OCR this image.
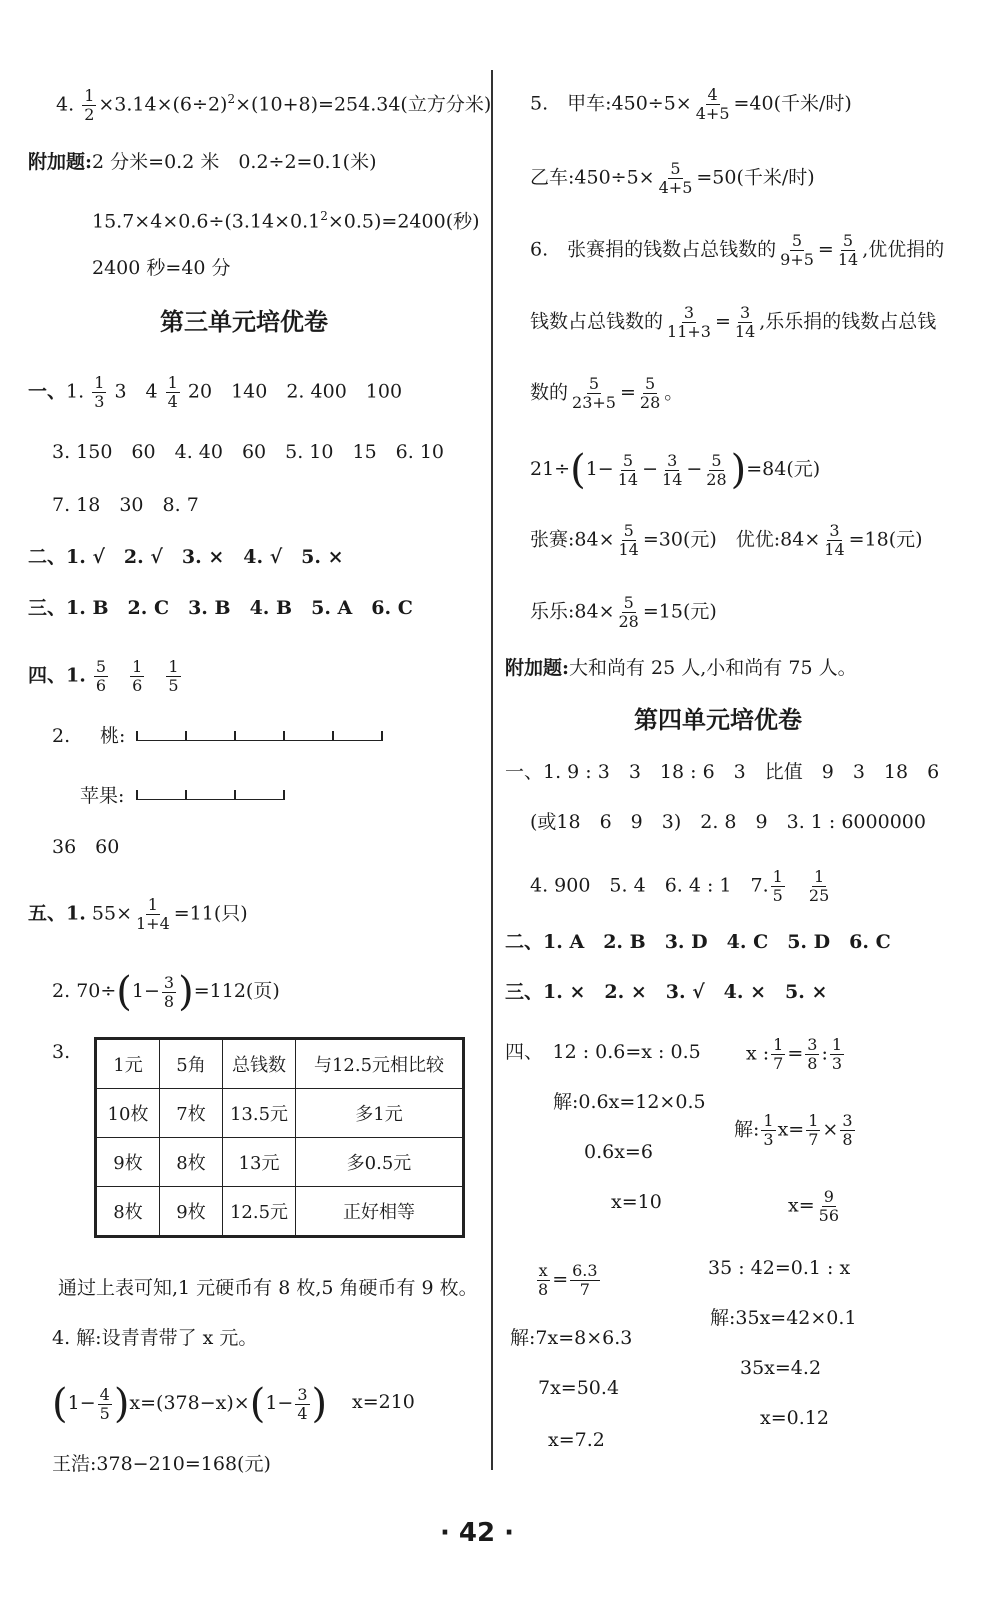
4. $\frac{1}{2} \times 3.14\times(6\div 2)^2\times(10+8)=254.34$(立方分米)
附加题:2 分米=0.2 米　0.2÷2=0.1(米)
$15.7\times 4\times 0.6\div(3.14\times 0.1^2\times 0.5)=2400$(秒)
2400 秒=40 分
第三单元培优卷
一、1. $\frac{1}{3} 3$　$4 \frac{1}{4} 20$　140　2. 400　100
3. 150　60　4. 40　60　5. 10　15　6. 10
7. 18　30　8. 7
二、1. √　2. √　3. ×　4. √　5. ×
三、1. B　2. C　3. B　4. B　5. A　6. C
四、1. $\frac{5}{6}$
$\frac{1}{6}$
$\frac{1}{5}$
2. 桃:
苹果:
36　60
五、1. $55\times \frac{1}{1+4} =11$(只)
2. $70\div(1- \frac{3}{8} )=112$(页)
3.
1元	5角	总钱数	与12.5元相比较
10枚	7枚	13.5元	多1元
9枚	8枚	13元	多0.5元
8枚	9枚	12.5元	正好相等
通过上表可知,1 元硬币有 8 枚,5 角硬币有 9 枚。
4. 解:设青青带了 x 元。
$(1- \frac{4}{5} )x=(378-x)\times(1- \frac{3}{4}$ ) x=210
王浩:378−210=168(元)
5.　甲车:450÷5× $\frac{4}{4+5} =40$(千米/时)
乙车:450÷5× $\frac{5}{4+5} =50$(千米/时)
6.　张赛捐的钱数占总钱数的 $\frac{5}{9+5} = \frac{5}{14}$ ,优优捐的
钱数占总钱数的 $\frac{3}{11+3} = \frac{3}{14}$ ,乐乐捐的钱数占总钱
数的 $\frac{5}{23+5} = \frac{5}{28}$ 。
$21\div(1- \frac{5}{14} - \frac{3}{14} - \frac{5}{28} )=84$(元)
张赛:84× $\frac{5}{14} =30$(元)　优优:84× $\frac{3}{14} =18$(元)
乐乐:84× $\frac{5}{28} =15$(元)
附加题:大和尚有 25 人,小和尚有 75 人。
第四单元培优卷
一、1. 9 : 3　3　18 : 6　3　比值　9　3　18　6
(或18　6　9　3)　2. 8　9　3. 1 : 6000000
4. 900　5. 4　6. 4 : 1　7. $\frac{1}{5}$
$\frac{1}{25}$
二、1. A　2. B　3. D　4. C　5. D　6. C
三、1. ×　2. ×　3. √　4. ×　5. ×
四、　12 : 0.6=x : 0.5
解:0.6x=12×0.5
0.6x=6
x=10
x : $\frac{1}{7} = \frac{3}{8}$ : $\frac{1}{3}$
解: $\frac{1}{3} x= \frac{1}{7} \times \frac{3}{8}$
$x= \frac{9}{56}$
$\frac{x}{8} = \frac{6.3}{7}$
解:7x=8×6.3
7x=50.4
x=7.2
35 : 42=0.1 : x
解:35x=42×0.1
35x=4.2
x=0.12
· 42 ·
